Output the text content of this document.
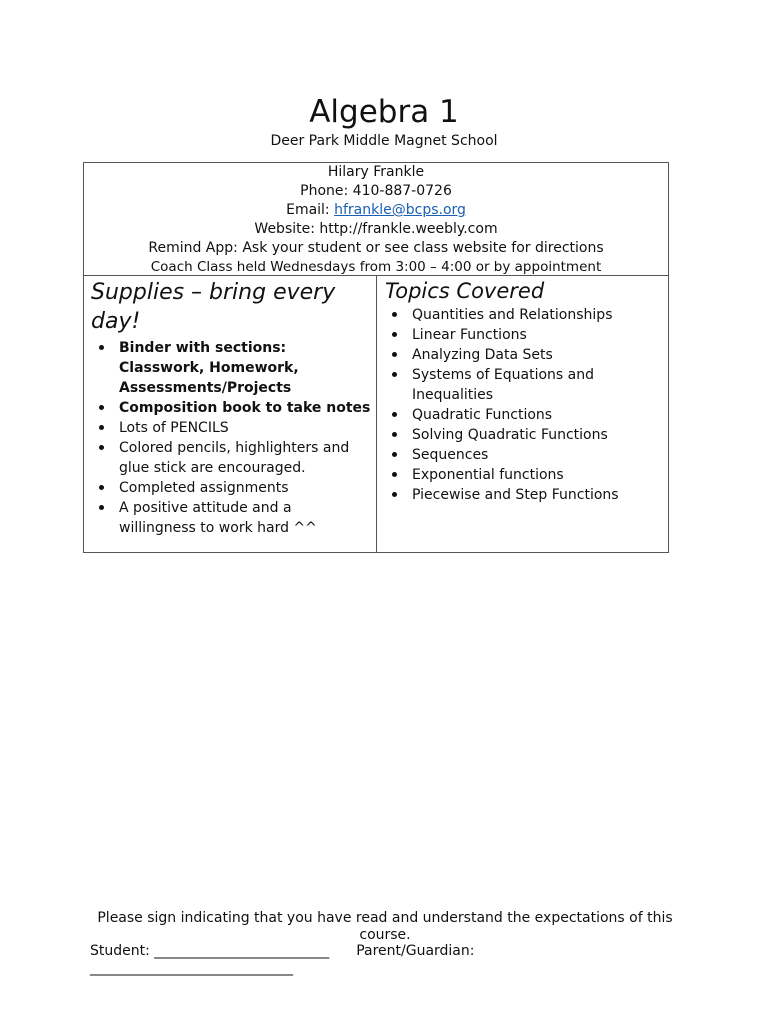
Algebra 1
Deer Park Middle Magnet School
Hilary Frankle
Phone: 410-887-0726
Email: hfrankle@bcps.org
Website: http://frankle.weebly.com
Remind App: Ask your student or see class website for directions
Coach Class held Wednesdays from 3:00 – 4:00 or by appointment
Supplies – bring every day!
Binder with sections: Classwork, Homework, Assessments/Projects
Composition book to take notes
Lots of PENCILS
Colored pencils, highlighters and glue stick are encouraged.
Completed assignments
A positive attitude and a willingness to work hard ^^
Topics Covered
Quantities and Relationships
Linear Functions
Analyzing Data Sets
Systems of Equations and Inequalities
Quadratic Functions
Solving Quadratic Functions
Sequences
Exponential functions
Piecewise and Step Functions
Please sign indicating that you have read and understand the expectations of this course.
Student: _________________________ Parent/Guardian:
_____________________________
